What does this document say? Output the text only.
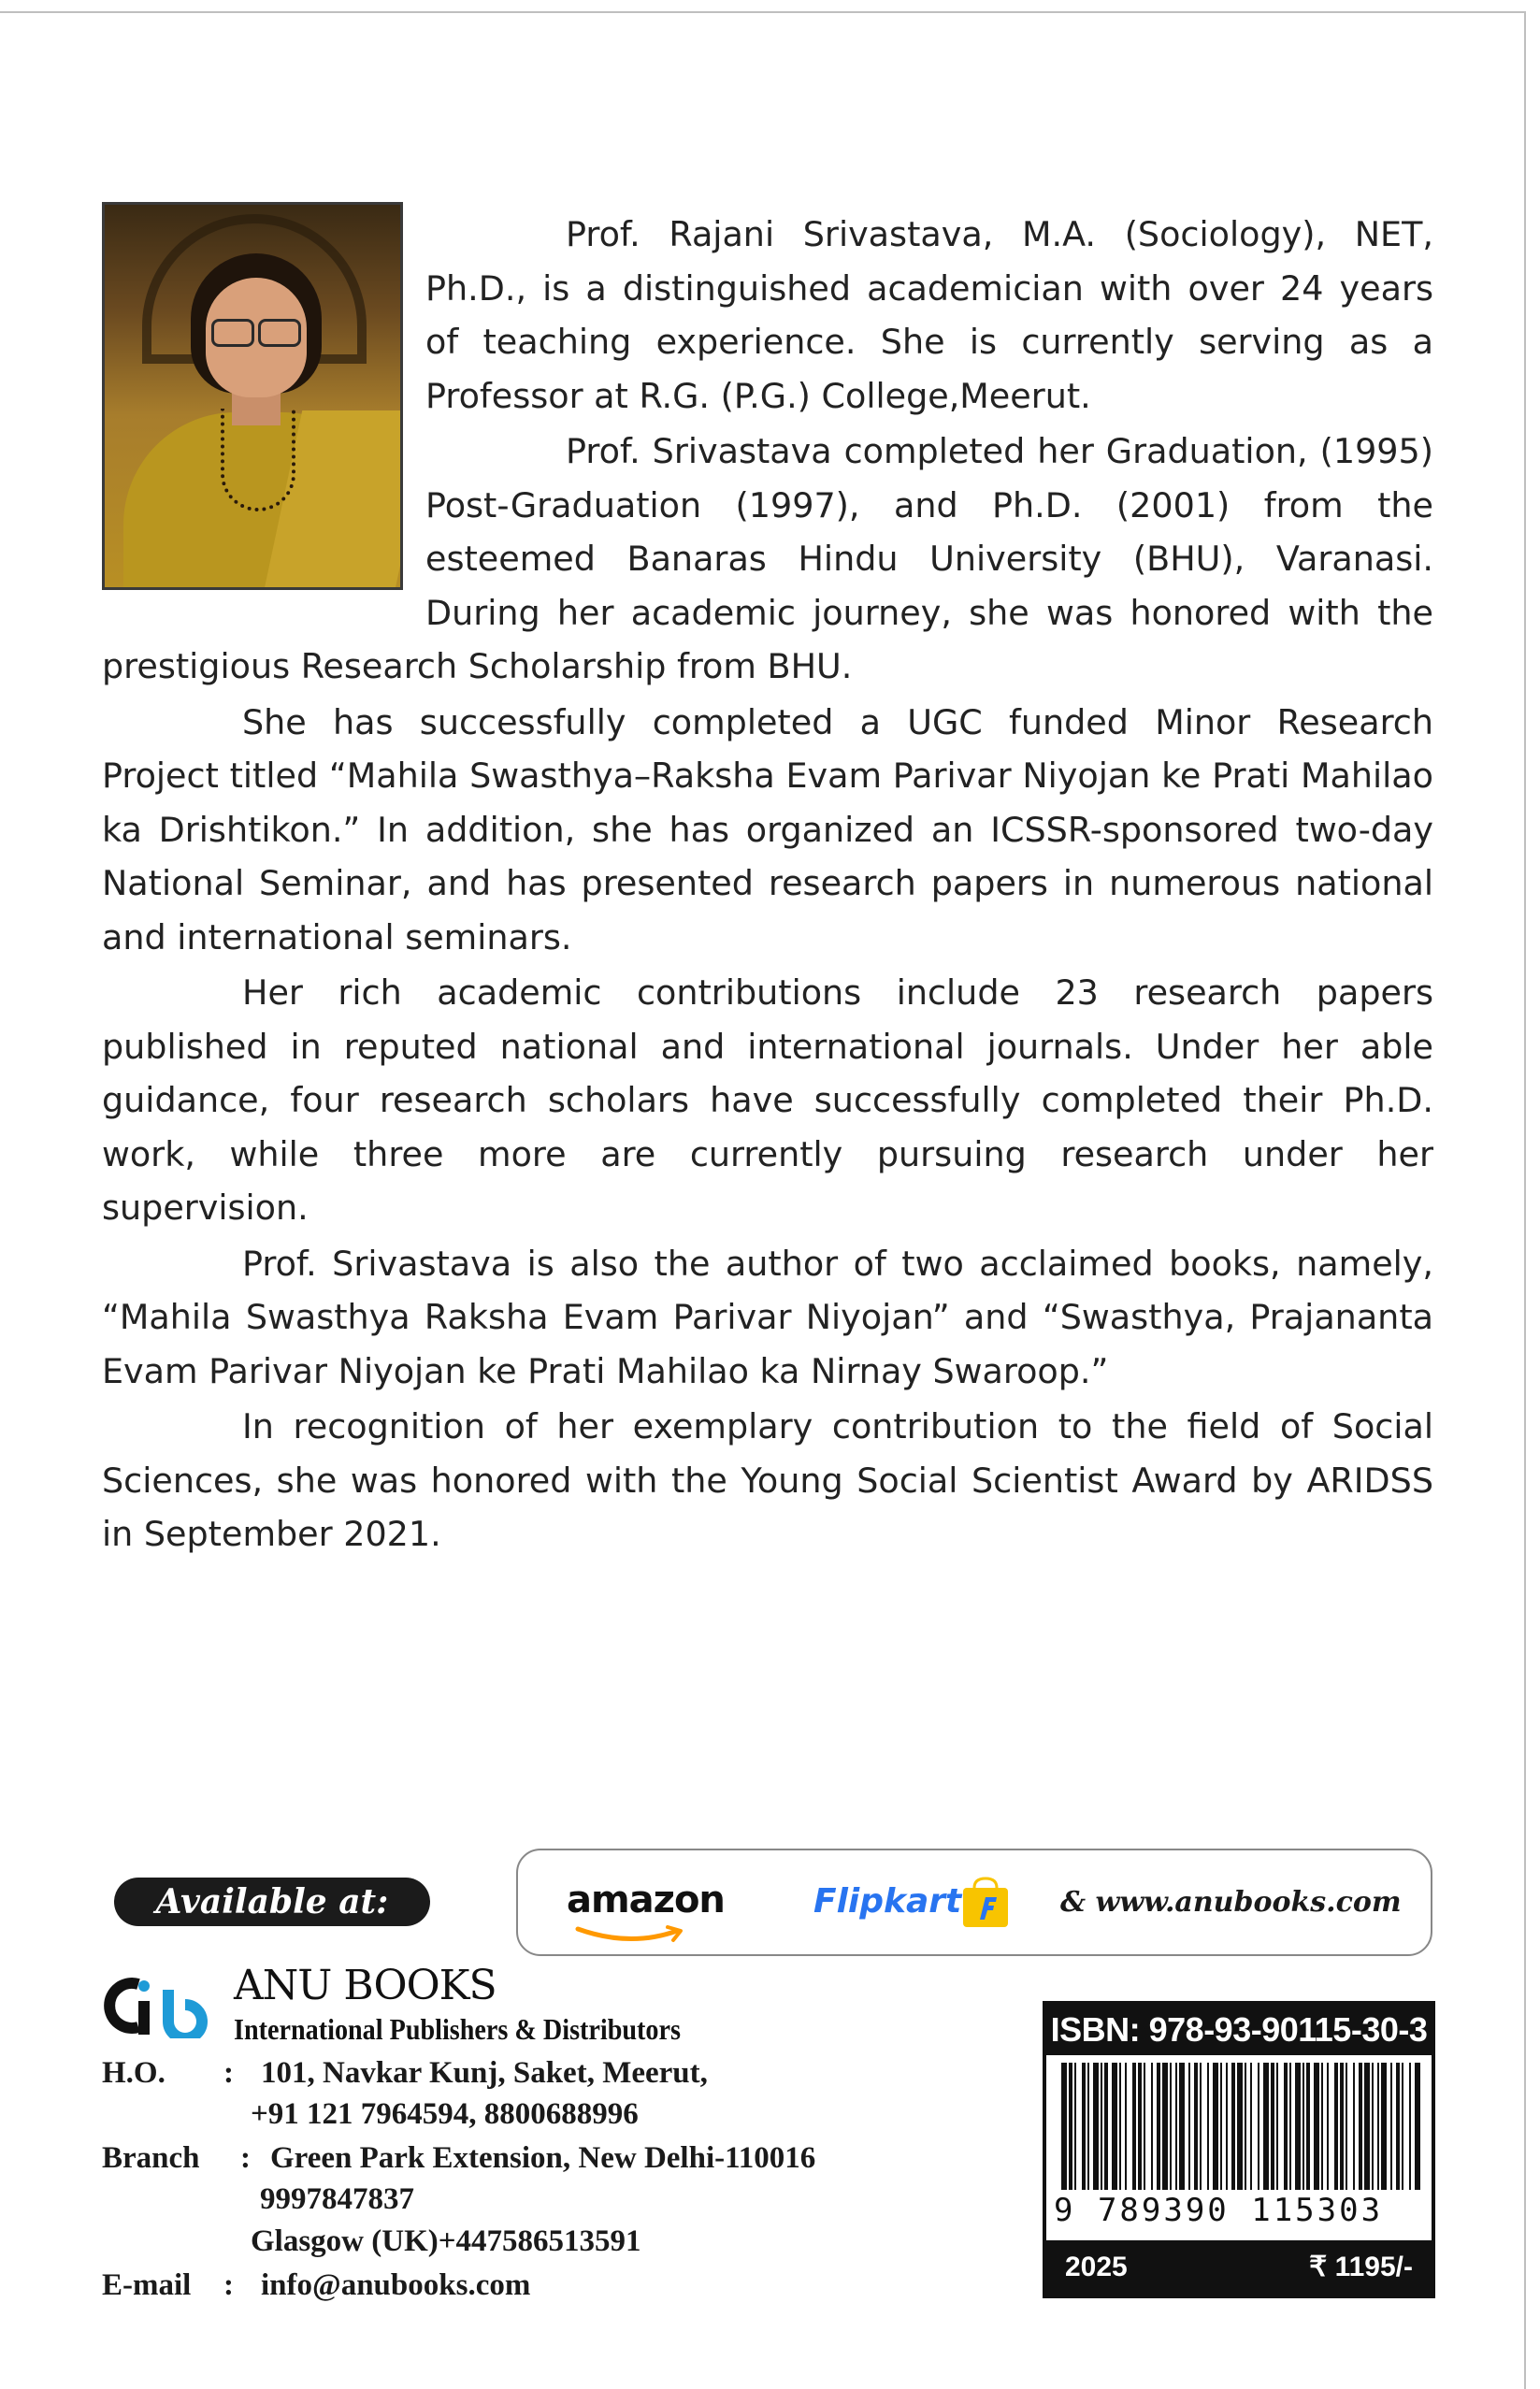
Prof. Rajani Srivastava, M.A. (Sociology), NET, Ph.D., is a distinguished academician with over 24 years of teaching experience. She is currently serving as a Professor at R.G. (P.G.) College,Meerut.

Prof. Srivastava completed her Graduation, (1995) Post-Graduation (1997), and Ph.D. (2001) from the esteemed Banaras Hindu University (BHU), Varanasi. During her academic journey, she was honored with the prestigious Research Scholarship from BHU.

She has successfully completed a UGC funded Minor Research Project titled “Mahila Swasthya–Raksha Evam Parivar Niyojan ke Prati Mahilao ka Drishtikon.” In addition, she has organized an ICSSR-sponsored two-day National Seminar, and has presented research papers in numerous national and international seminars.

Her rich academic contributions include 23 research papers published in reputed national and international journals. Under her able guidance, four research scholars have successfully completed their Ph.D. work, while three more are currently pursuing research under her supervision.

Prof. Srivastava is also the author of two acclaimed books, namely, “Mahila Swasthya Raksha Evam Parivar Niyojan” and “Swasthya, Prajananta Evam Parivar Niyojan ke Prati Mahilao ka Nirnay Swaroop.”

In recognition of her exemplary contribution to the field of Social Sciences, she was honored with the Young Social Scientist Award by ARIDSS in September 2021.

Available at:	amazon	Flipkart	& www.anubooks.com
ANU BOOKS
International Publishers & Distributors
H.O. : 101, Navkar Kunj, Saket, Meerut,
+91 121 7964594, 8800688996
Branch : Green Park Extension, New Delhi-110016
9997847837
Glasgow (UK)+447586513591
E-mail : info@anubooks.com
ISBN: 978-93-90115-30-3
9 789390 115303
2025	₹ 1195/-
